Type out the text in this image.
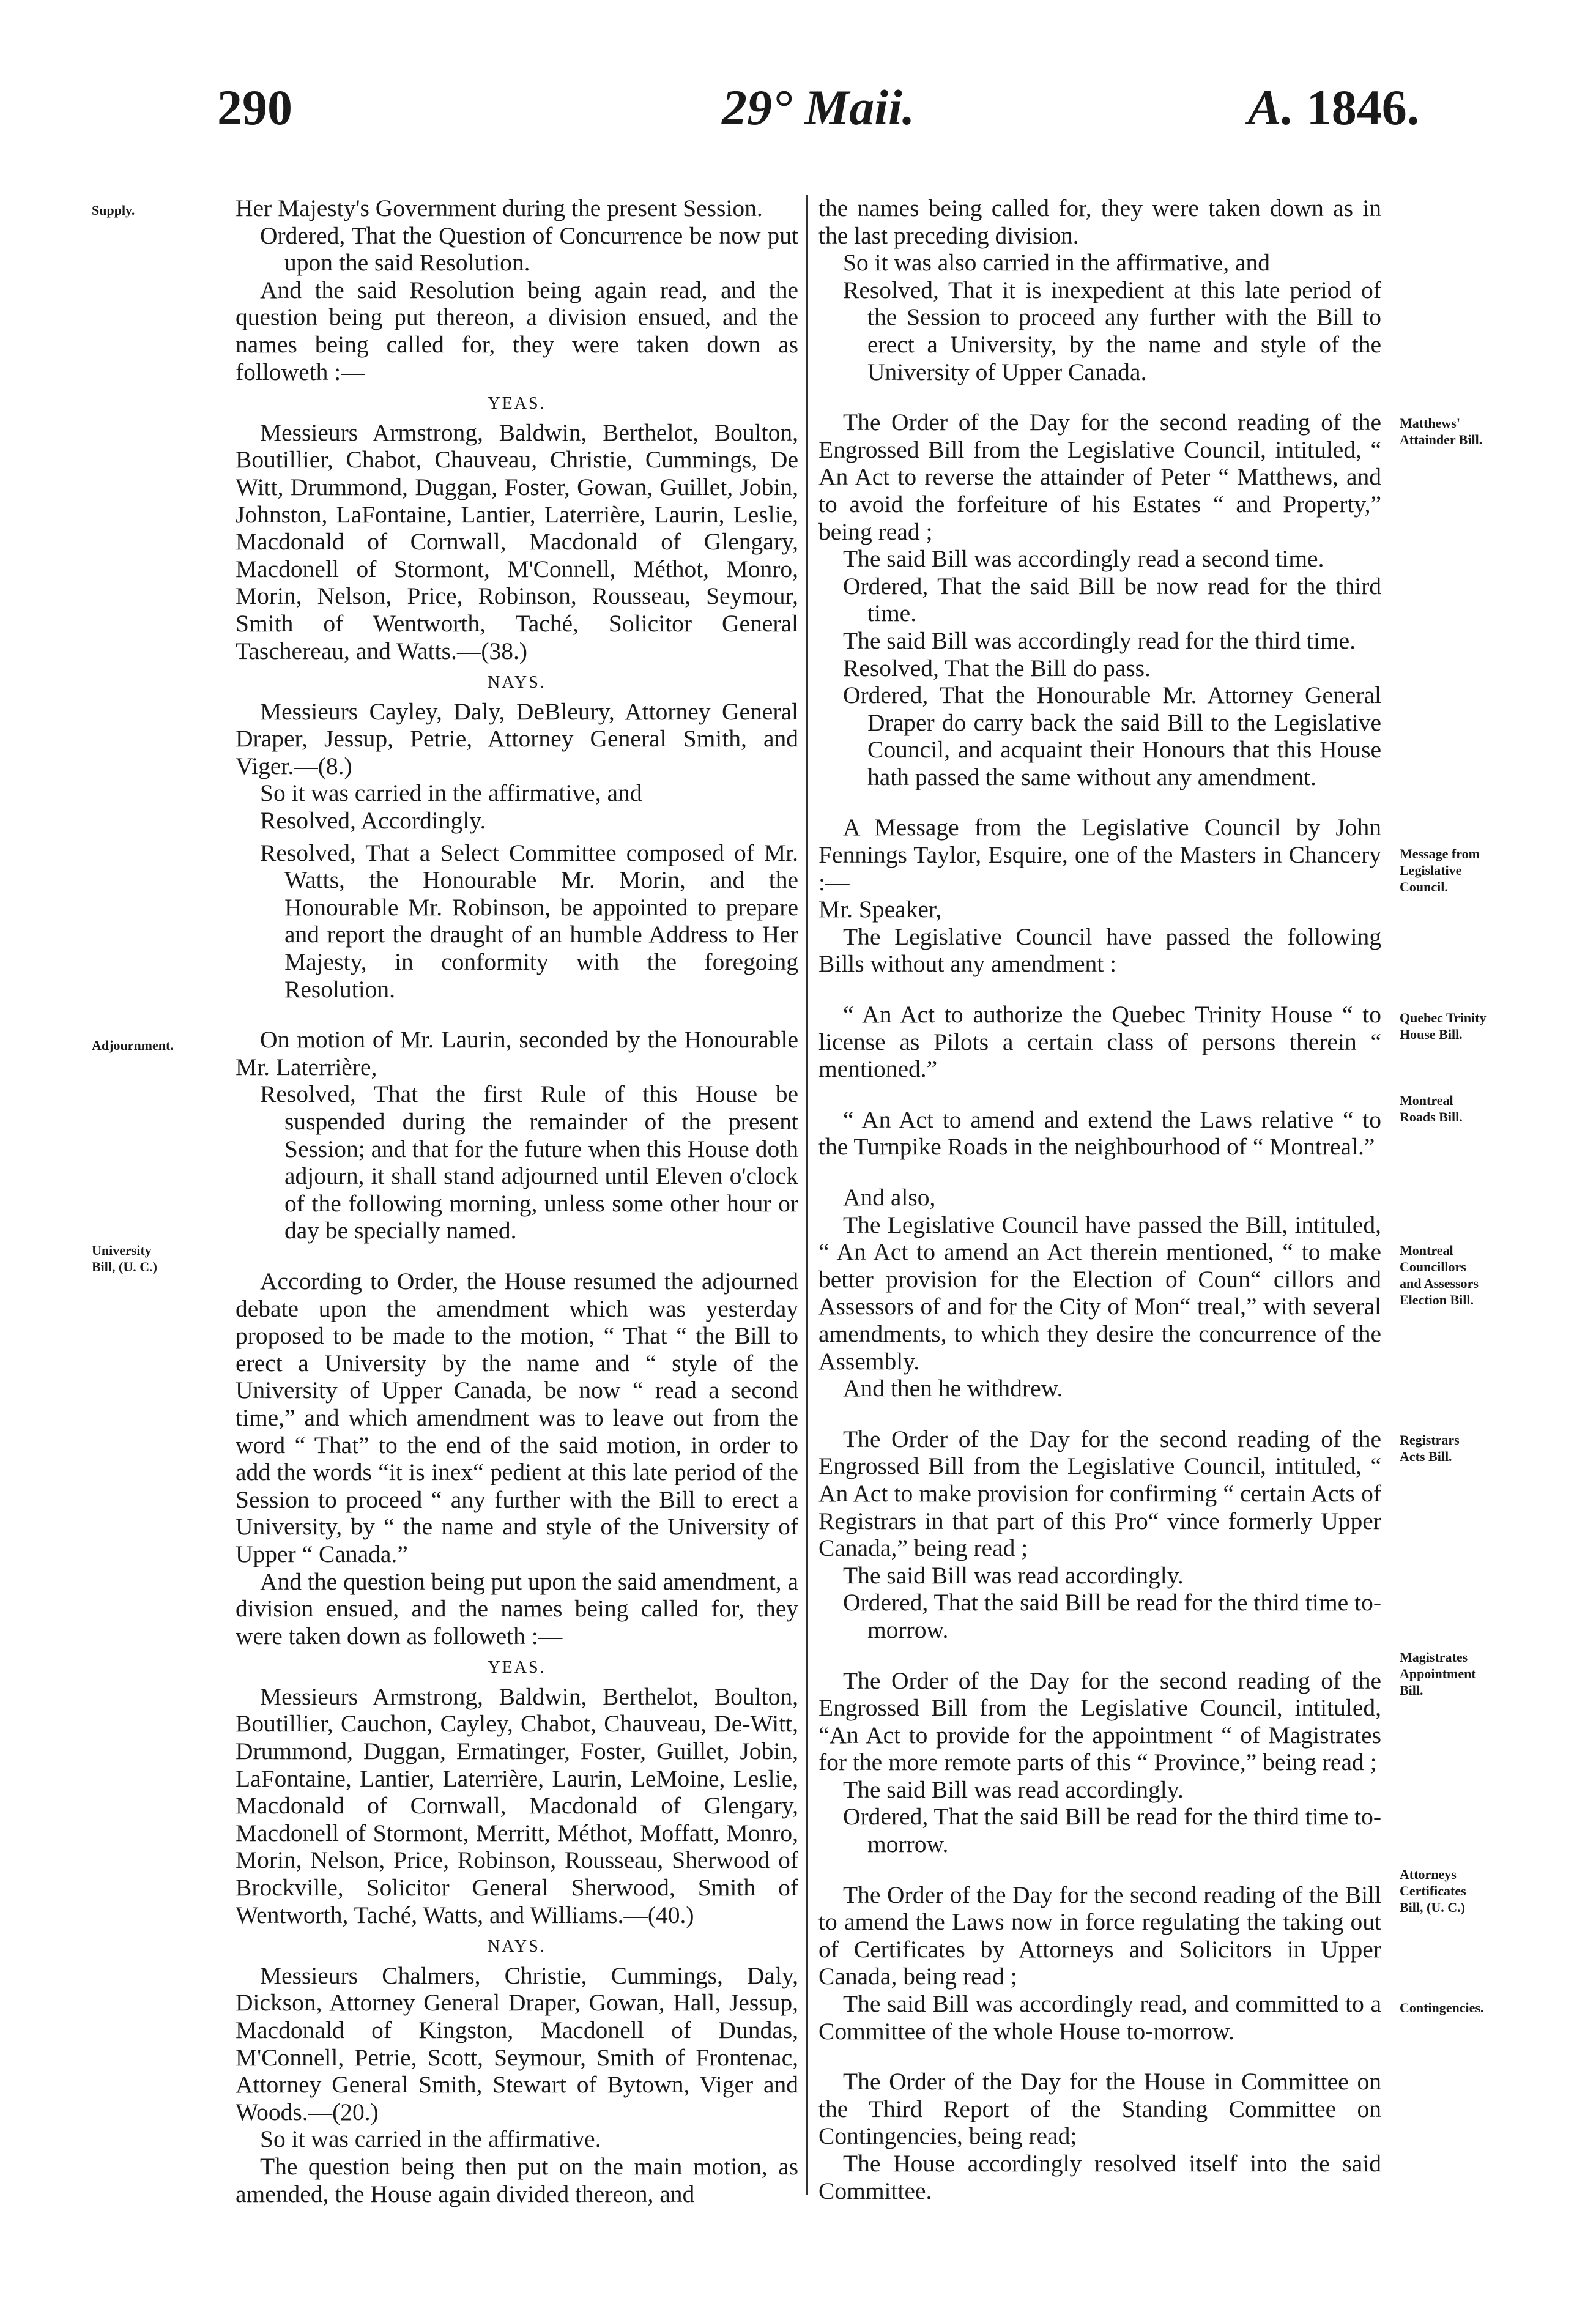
290	29° Maii.	A. 1846.
Supply.
Adjournment.
University
Bill, (U. C.)
Matthews'
Attainder Bill.
Message from
Legislative
Council.
Quebec Trinity
House Bill.
Montreal
Roads Bill.
Montreal
Councillors
and Assessors
Election Bill.
Registrars
Acts Bill.
Magistrates
Appointment
Bill.
Attorneys
Certificates
Bill, (U. C.)
Contingencies.

Her Majesty's Government during the present Session.

Ordered, That the Question of Concurrence be now put upon the said Resolution.

And the said Resolution being again read, and the question being put thereon, a division ensued, and the names being called for, they were taken down as followeth :—

YEAS.

Messieurs Armstrong, Baldwin, Berthelot, Boulton, Boutillier, Chabot, Chauveau, Christie, Cummings, De Witt, Drummond, Duggan, Foster, Gowan, Guillet, Jobin, Johnston, LaFontaine, Lantier, Laterrière, Laurin, Leslie, Macdonald of Cornwall, Macdonald of Glengary, Macdonell of Stormont, M'Connell, Méthot, Monro, Morin, Nelson, Price, Robinson, Rousseau, Seymour, Smith of Wentworth, Taché, Solicitor General Taschereau, and Watts.—(38.)

NAYS.

Messieurs Cayley, Daly, DeBleury, Attorney General Draper, Jessup, Petrie, Attorney General Smith, and Viger.—(8.)

So it was carried in the affirmative, and

Resolved, Accordingly.

Resolved, That a Select Committee composed of Mr. Watts, the Honourable Mr. Morin, and the Honourable Mr. Robinson, be appointed to prepare and report the draught of an humble Address to Her Majesty, in conformity with the foregoing Resolution.

On motion of Mr. Laurin, seconded by the Honourable Mr. Laterrière,

Resolved, That the first Rule of this House be suspended during the remainder of the present Session; and that for the future when this House doth adjourn, it shall stand adjourned until Eleven o'clock of the following morning, unless some other hour or day be specially named.

According to Order, the House resumed the adjourned debate upon the amendment which was yesterday proposed to be made to the motion, “ That “ the Bill to erect a University by the name and “ style of the University of Upper Canada, be now “ read a second time,” and which amendment was to leave out from the word “ That” to the end of the said motion, in order to add the words “it is inex“ pedient at this late period of the Session to proceed “ any further with the Bill to erect a University, by “ the name and style of the University of Upper “ Canada.”

And the question being put upon the said amendment, a division ensued, and the names being called for, they were taken down as followeth :—

YEAS.

Messieurs Armstrong, Baldwin, Berthelot, Boulton, Boutillier, Cauchon, Cayley, Chabot, Chauveau, De-Witt, Drummond, Duggan, Ermatinger, Foster, Guillet, Jobin, LaFontaine, Lantier, Laterrière, Laurin, LeMoine, Leslie, Macdonald of Cornwall, Macdonald of Glengary, Macdonell of Stormont, Merritt, Méthot, Moffatt, Monro, Morin, Nelson, Price, Robinson, Rousseau, Sherwood of Brockville, Solicitor General Sherwood, Smith of Wentworth, Taché, Watts, and Williams.—(40.)

NAYS.

Messieurs Chalmers, Christie, Cummings, Daly, Dickson, Attorney General Draper, Gowan, Hall, Jessup, Macdonald of Kingston, Macdonell of Dundas, M'Connell, Petrie, Scott, Seymour, Smith of Frontenac, Attorney General Smith, Stewart of Bytown, Viger and Woods.—(20.)

So it was carried in the affirmative.

The question being then put on the main motion, as amended, the House again divided thereon, and

the names being called for, they were taken down as in the last preceding division.

So it was also carried in the affirmative, and

Resolved, That it is inexpedient at this late period of the Session to proceed any further with the Bill to erect a University, by the name and style of the University of Upper Canada.

The Order of the Day for the second reading of the Engrossed Bill from the Legislative Council, intituled, “ An Act to reverse the attainder of Peter “ Matthews, and to avoid the forfeiture of his Estates “ and Property,” being read ;

The said Bill was accordingly read a second time.

Ordered, That the said Bill be now read for the third time.

The said Bill was accordingly read for the third time.

Resolved, That the Bill do pass.

Ordered, That the Honourable Mr. Attorney General Draper do carry back the said Bill to the Legislative Council, and acquaint their Honours that this House hath passed the same without any amendment.

A Message from the Legislative Council by John Fennings Taylor, Esquire, one of the Masters in Chancery :—

Mr. Speaker,

The Legislative Council have passed the following Bills without any amendment :

“ An Act to authorize the Quebec Trinity House “ to license as Pilots a certain class of persons therein “ mentioned.”

“ An Act to amend and extend the Laws relative “ to the Turnpike Roads in the neighbourhood of “ Montreal.”

And also,

The Legislative Council have passed the Bill, intituled, “ An Act to amend an Act therein mentioned, “ to make better provision for the Election of Coun“ cillors and Assessors of and for the City of Mon“ treal,” with several amendments, to which they desire the concurrence of the Assembly.

And then he withdrew.

The Order of the Day for the second reading of the Engrossed Bill from the Legislative Council, intituled, “ An Act to make provision for confirming “ certain Acts of Registrars in that part of this Pro“ vince formerly Upper Canada,” being read ;

The said Bill was read accordingly.

Ordered, That the said Bill be read for the third time to-morrow.

The Order of the Day for the second reading of the Engrossed Bill from the Legislative Council, intituled, “An Act to provide for the appointment “ of Magistrates for the more remote parts of this “ Province,” being read ;

The said Bill was read accordingly.

Ordered, That the said Bill be read for the third time to-morrow.

The Order of the Day for the second reading of the Bill to amend the Laws now in force regulating the taking out of Certificates by Attorneys and Solicitors in Upper Canada, being read ;

The said Bill was accordingly read, and committed to a Committee of the whole House to-morrow.

The Order of the Day for the House in Committee on the Third Report of the Standing Committee on Contingencies, being read;

The House accordingly resolved itself into the said Committee.
